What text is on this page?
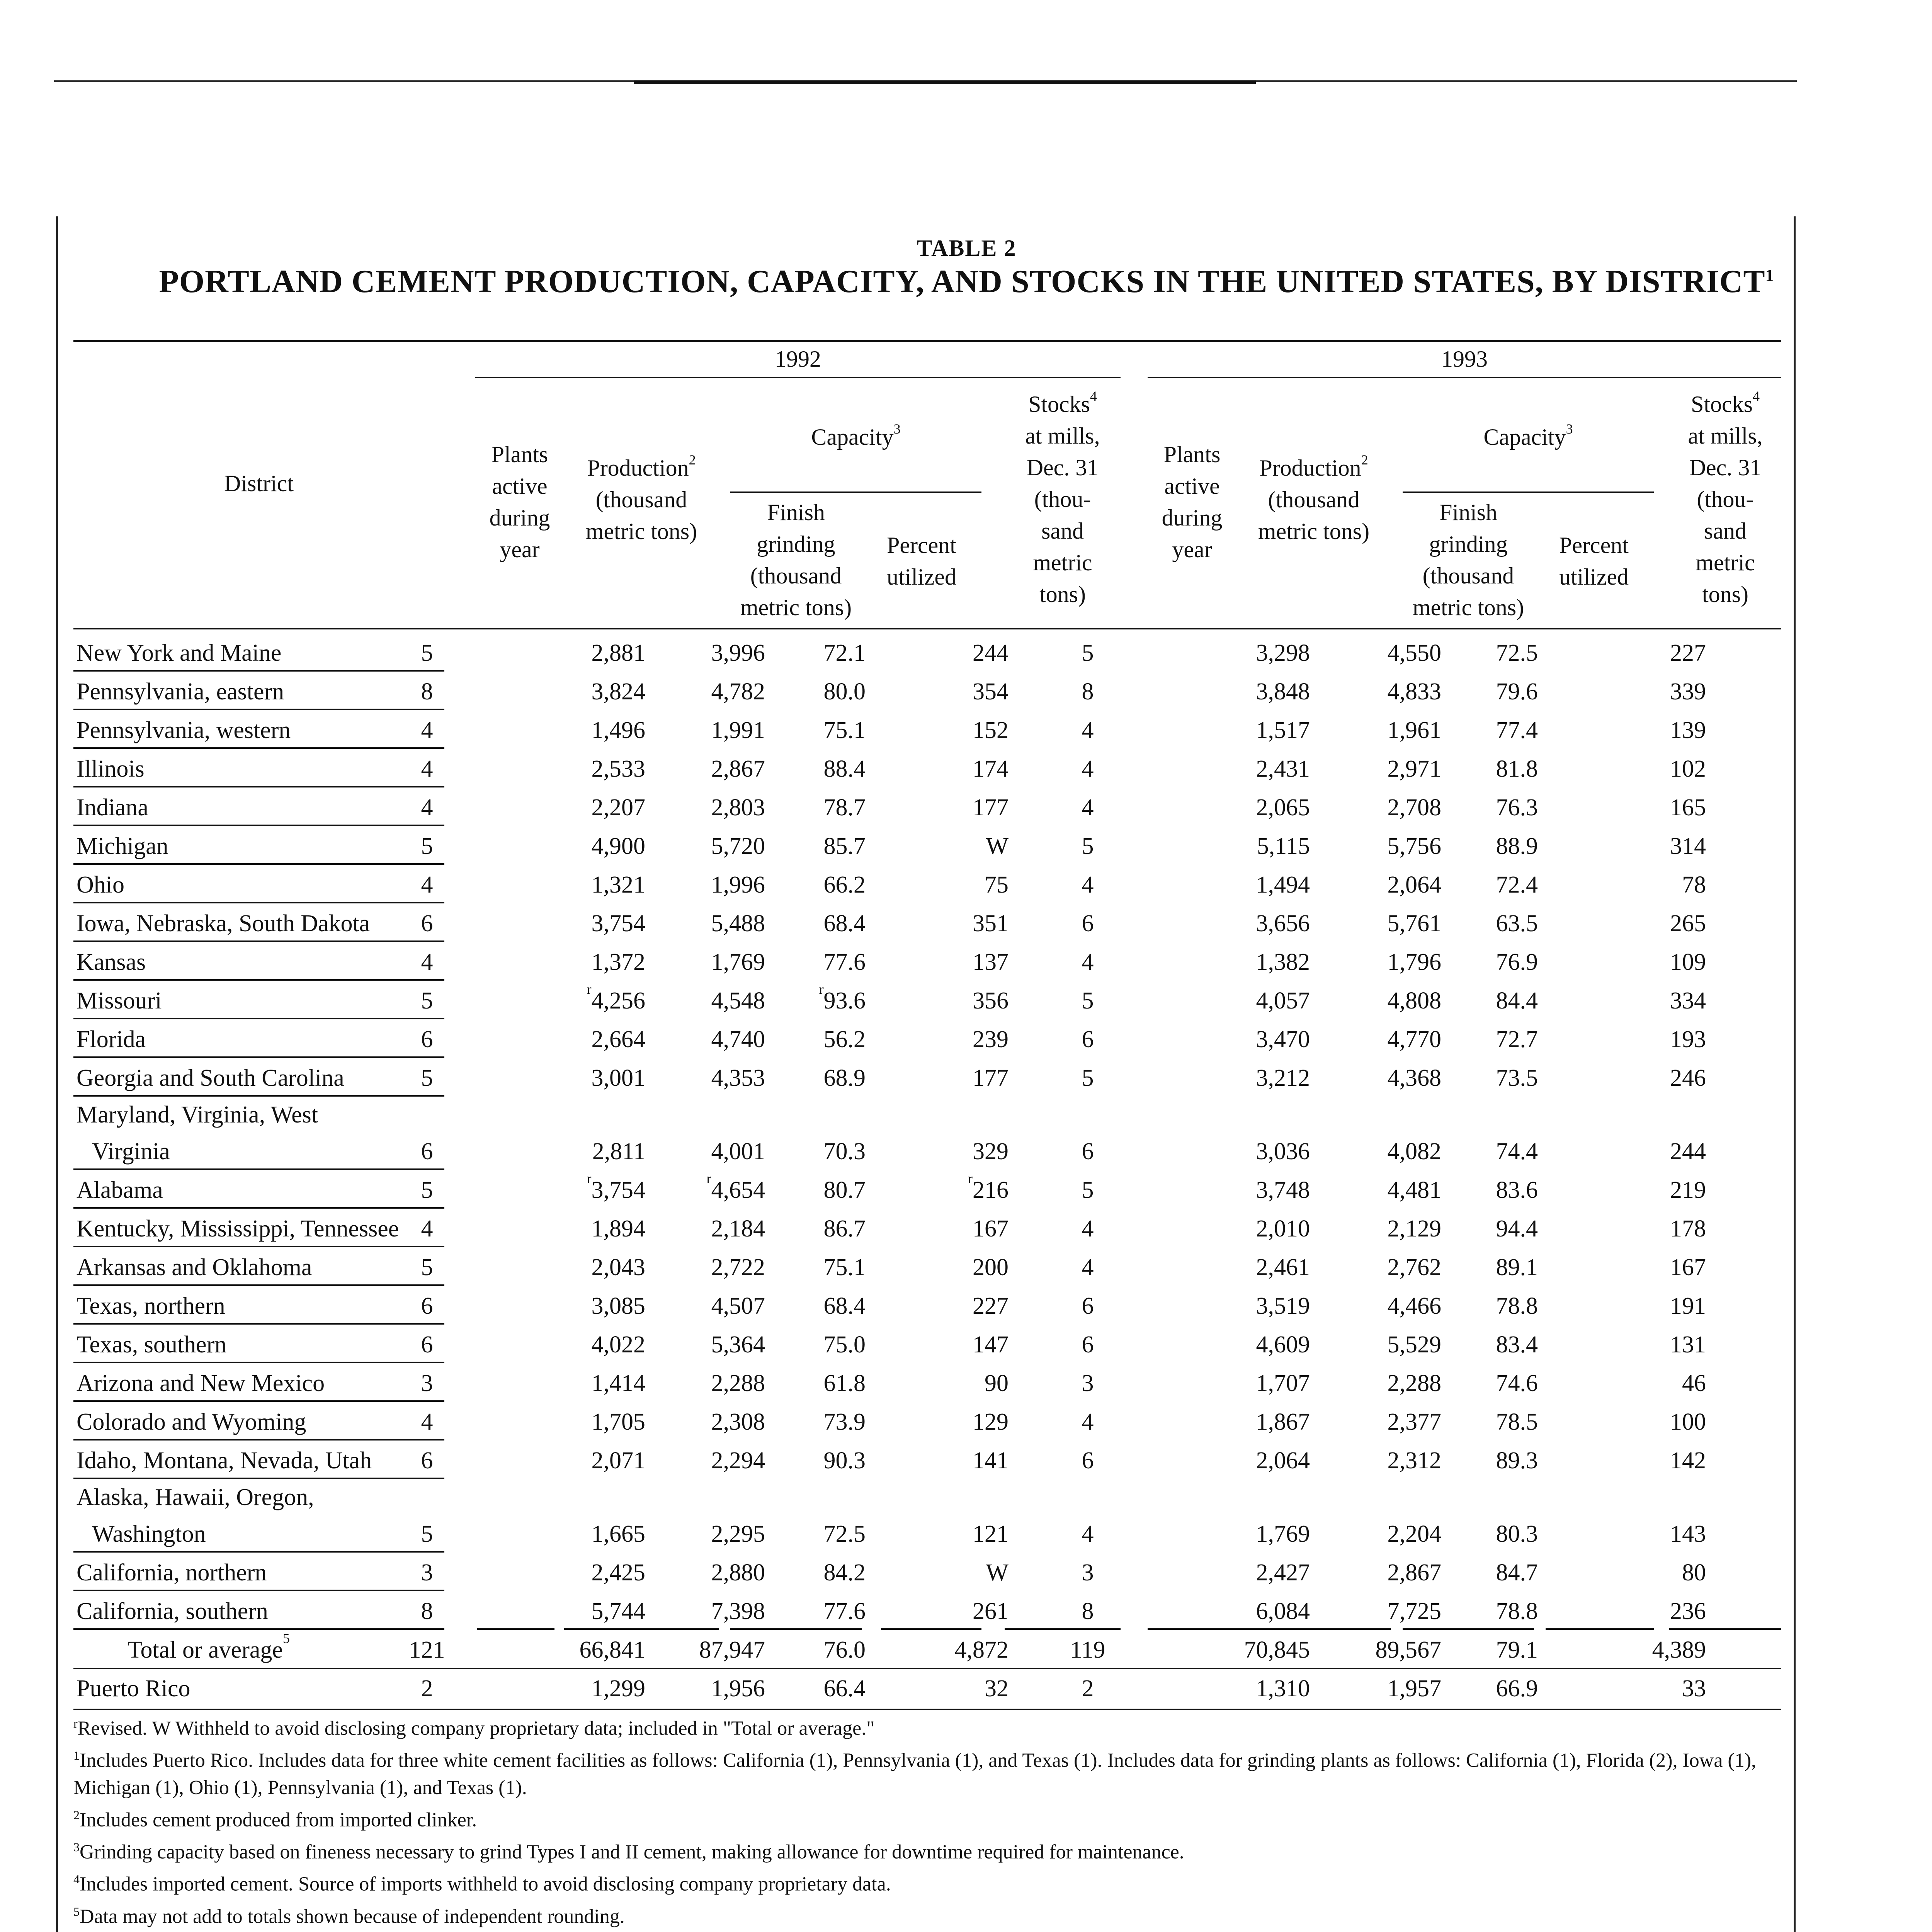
TABLE 2
PORTLAND CEMENT PRODUCTION, CAPACITY, AND STOCKS IN THE UNITED STATES, BY DISTRICT$^1$
1992	1993
District
Plants
active
during
year
Production$^2$
(thousand
metric tons)
Capacity$^3$
Finish
grinding
(thousand
metric tons)
Percent
utilized
Stocks$^4$
at mills,
Dec. 31
(thou-
sand
metric
tons)
Plants
active
during
year
Production$^2$
(thousand
metric tons)
Capacity$^3$
Finish
grinding
(thousand
metric tons)
Percent
utilized
Stocks$^4$
at mills,
Dec. 31
(thou-
sand
metric
tons)
New York and Maine	5	2,881	3,996	72.1	244	5	3,298	4,550	72.5	227
Pennsylvania, eastern	8	3,824	4,782	80.0	354	8	3,848	4,833	79.6	339
Pennsylvania, western	4	1,496	1,991	75.1	152	4	1,517	1,961	77.4	139
Illinois	4	2,533	2,867	88.4	174	4	2,431	2,971	81.8	102
Indiana	4	2,207	2,803	78.7	177	4	2,065	2,708	76.3	165
Michigan	5	4,900	5,720	85.7	W	5	5,115	5,756	88.9	314
Ohio	4	1,321	1,996	66.2	75	4	1,494	2,064	72.4	78
Iowa, Nebraska, South Dakota	6	3,754	5,488	68.4	351	6	3,656	5,761	63.5	265
Kansas	4	1,372	1,769	77.6	137	4	1,382	1,796	76.9	109
Missouri	5	$^r$4,256	4,548	$^r$93.6	356	5	4,057	4,808	84.4	334
Florida	6	2,664	4,740	56.2	239	6	3,470	4,770	72.7	193
Georgia and South Carolina	5	3,001	4,353	68.9	177	5	3,212	4,368	73.5	246
Maryland, Virginia, West
Virginia	6	2,811	4,001	70.3	329	6	3,036	4,082	74.4	244
Alabama	5	$^r$3,754	$^r$4,654	80.7	$^r$216	5	3,748	4,481	83.6	219
Kentucky, Mississippi, Tennessee 4	1,894	2,184	86.7	167	4	2,010	2,129	94.4	178
Arkansas and Oklahoma	5	2,043	2,722	75.1	200	4	2,461	2,762	89.1	167
Texas, northern	6	3,085	4,507	68.4	227	6	3,519	4,466	78.8	191
Texas, southern	6	4,022	5,364	75.0	147	6	4,609	5,529	83.4	131
Arizona and New Mexico	3	1,414	2,288	61.8	90	3	1,707	2,288	74.6	46
Colorado and Wyoming	4	1,705	2,308	73.9	129	4	1,867	2,377	78.5	100
Idaho, Montana, Nevada, Utah	6	2,071	2,294	90.3	141	6	2,064	2,312	89.3	142
Alaska, Hawaii, Oregon,
Washington	5	1,665	2,295	72.5	121	4	1,769	2,204	80.3	143
California, northern	3	2,425	2,880	84.2	W	3	2,427	2,867	84.7	80
California, southern	8	5,744	7,398	77.6	261	8	6,084	7,725	78.8	236
Total or average$^5$	121	66,841	87,947	76.0	4,872	119	70,845	89,567	79.1	4,389
Puerto Rico	2	1,299	1,956	66.4	32	2	1,310	1,957	66.9	33

$^r$Revised. W Withheld to avoid disclosing company proprietary data; included in "Total or average."

$^1$Includes Puerto Rico. Includes data for three white cement facilities as follows: California (1), Pennsylvania (1), and Texas (1). Includes data for grinding plants as follows: California (1), Florida (2), Iowa (1), Michigan (1), Ohio (1), Pennsylvania (1), and Texas (1).

$^2$Includes cement produced from imported clinker.

$^3$Grinding capacity based on fineness necessary to grind Types I and II cement, making allowance for downtime required for maintenance.

$^4$Includes imported cement. Source of imports withheld to avoid disclosing company proprietary data.

$^5$Data may not add to totals shown because of independent rounding.
